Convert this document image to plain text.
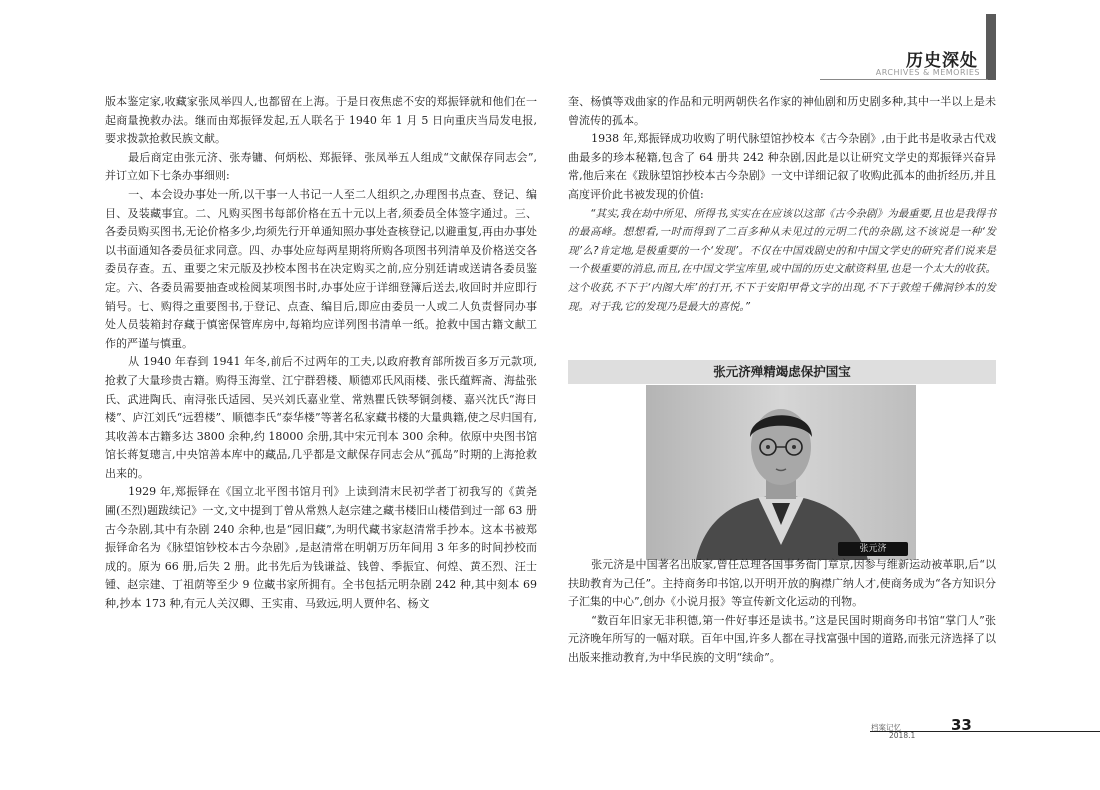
历史深处
ARCHIVES & MEMORIES

版本鉴定家,收藏家张凤举四人,也都留在上海。于是日夜焦虑不安的郑振铎就和他们在一起商量挽救办法。继而由郑振铎发起,五人联名于 1940 年 1 月 5 日向重庆当局发电报,要求拨款抢救民族文献。

最后商定由张元济、张寿镛、何炳松、郑振铎、张凤举五人组成“文献保存同志会”,并订立如下七条办事细则:

一、本会设办事处一所,以干事一人书记一人至二人组织之,办理图书点查、登记、编目、及装藏事宜。二、凡购买图书每部价格在五十元以上者,须委员全体签字通过。三、各委员购买图书,无论价格多少,均须先行开单通知照办事处查核登记,以避重复,再由办事处以书面通知各委员征求同意。四、办事处应每两星期将所购各项图书列清单及价格送交各委员存查。五、重要之宋元版及抄校本图书在决定购买之前,应分别廷请或送请各委员鉴定。六、各委员需要抽查或检阅某项图书时,办事处应于详细登簿后送去,收回时并应即行销号。七、购得之重要图书,于登记、点查、编目后,即应由委员一人或二人负责督同办事处人员装箱封存藏于慎密保管库房中,每箱均应详列图书清单一纸。抢救中国古籍文献工作的严谨与慎重。

从 1940 年春到 1941 年冬,前后不过两年的工夫,以政府教育部所拨百多万元款项,抢救了大量珍贵古籍。购得玉海堂、江宁群碧楼、顺德邓氏风雨楼、张氏蕴辉斋、海盐张氏、武进陶氏、南浔张氏适园、吴兴刘氏嘉业堂、常熟瞿氏铁琴铜剑楼、嘉兴沈氏“海日楼”、庐江刘氏“远碧楼”、顺德李氏“泰华楼”等著名私家藏书楼的大量典籍,使之尽归国有,其收善本古籍多达 3800 余种,约 18000 余册,其中宋元刊本 300 余种。依原中央图书馆馆长蒋复璁言,中央馆善本库中的藏品,几乎都是文献保存同志会从“孤岛”时期的上海抢救出来的。

1929 年,郑振铎在《国立北平图书馆月刊》上读到清末民初学者丁初我写的《黄尧圃(丕烈)题跋续记》一文,文中提到丁曾从常熟人赵宗建之藏书楼旧山楼借到过一部 63 册古今杂剧,其中有杂剧 240 余种,也是“园旧藏”,为明代藏书家赵清常手抄本。这本书被郑振铎命名为《脉望馆钞校本古今杂剧》,是赵清常在明朝万历年间用 3 年多的时间抄校而成的。原为 66 册,后失 2 册。此书先后为钱谦益、钱曾、季振宜、何煌、黄丕烈、汪士锺、赵宗建、丁祖荫等至少 9 位藏书家所拥有。全书包括元明杂剧 242 种,其中刻本 69 种,抄本 173 种,有元人关汉卿、王实甫、马致远,明人贾仲名、杨文

奎、杨慎等戏曲家的作品和元明两朝佚名作家的神仙剧和历史剧多种,其中一半以上是未曾流传的孤本。

1938 年,郑振铎成功收购了明代脉望馆抄校本《古今杂剧》,由于此书是收录古代戏曲最多的珍本秘籍,包含了 64 册共 242 种杂剧,因此是以让研究文学史的郑振铎兴奋异常,他后来在《跋脉望馆抄校本古今杂剧》一文中详细记叙了收购此孤本的曲折经历,并且高度评价此书被发现的价值:

“其实,我在劫中所见、所得书,实实在在应该以这部《古今杂剧》为最重要,且也是我得书的最高峰。想想看,一时而得到了二百多种从未见过的元明二代的杂剧,这不该说是一种‘发现’么?肯定地,是极重要的一个‘发现’。不仅在中国戏剧史的和中国文学史的研究者们说来是一个极重要的消息,而且,在中国文学宝库里,或中国的历史文献资料里,也是一个太大的收获。这个收获,不下于‘内阁大库’的打开,不下于安阳甲骨文字的出现,不下于敦煌千佛洞钞本的发现。对于我,它的发现乃是最大的喜悦。”

张元济殚精竭虑保护国宝
张元济

张元济是中国著名出版家,曾任总理各国事务衙门章京,因参与维新运动被革职,后“以扶助教育为己任”。主持商务印书馆,以开明开放的胸襟广纳人才,使商务成为“各方知识分子汇集的中心”,创办《小说月报》等宣传新文化运动的刊物。

“数百年旧家无非积德,第一件好事还是读书。”这是民国时期商务印书馆“掌门人”张元济晚年所写的一幅对联。百年中国,许多人都在寻找富强中国的道路,而张元济选择了以出版来推动教育,为中华民族的文明“续命”。

档案记忆
2018.1
33
